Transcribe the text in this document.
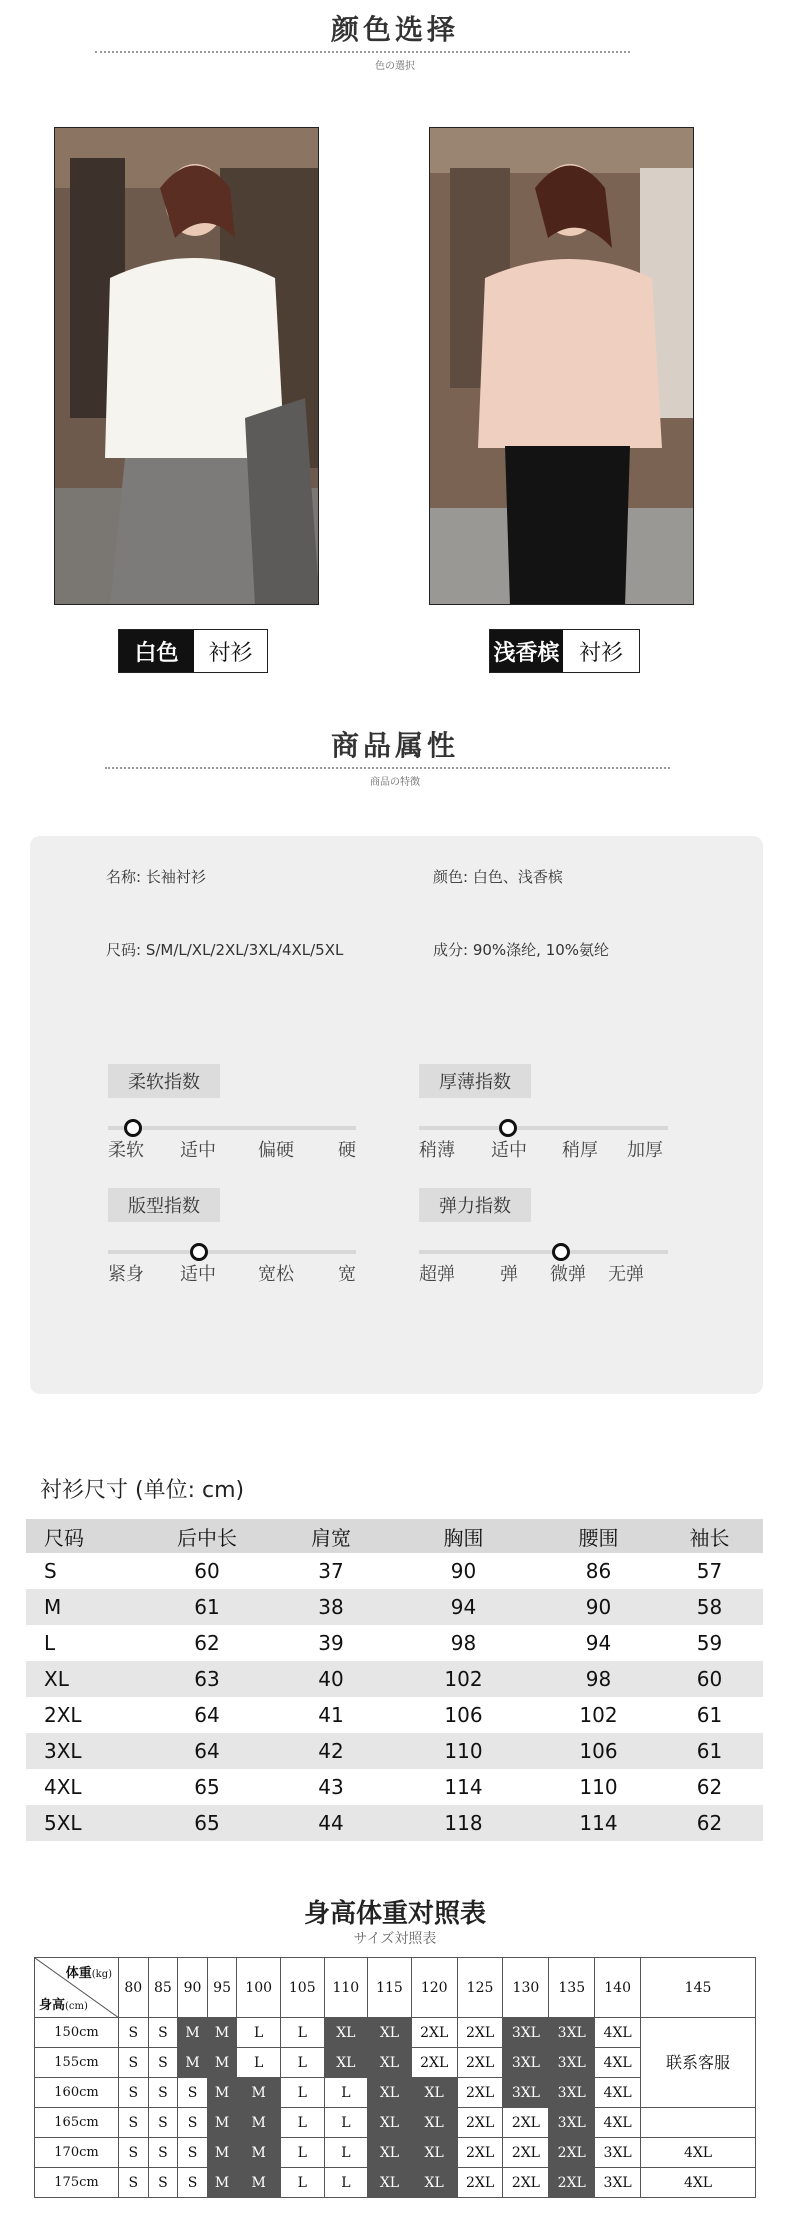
颜色选择
色の選択
白色	衬衫	浅香槟 衬衫
商品属性
商品の特徴
名称: 长袖衬衫	颜色: 白色、浅香槟
尺码: S/M/L/XL/2XL/3XL/4XL/5XL	成分: 90%涤纶, 10%氨纶
柔软指数
柔软 适中 偏硬 硬
厚薄指数
稍薄 适中 稍厚 加厚
版型指数
紧身 适中 宽松 宽
弹力指数
超弹	弹 微弹 无弹
衬衫尺寸 (单位: cm)
尺码	后中长	肩宽	胸围	腰围	袖长
S	60	37	90	86	57
M	61	38	94	90	58
L	62	39	98	94	59
XL	63	40	102	98	60
2XL	64	41	106	102	61
3XL	64	42	110	106	61
4XL	65	43	114	110	62
5XL	65	44	118	114	62
身高体重对照表
サイズ対照表
体重(kg)
身高(cm)	80	85	90	95	100	105	110	115	120	125	130	135	140	145
150cm	S	S	M	M	L	L	XL	XL	2XL	2XL	3XL	3XL	4XL	联系客服
155cm	S	S	M	M	L	L	XL	XL	2XL	2XL	3XL	3XL	4XL	
160cm	S	S	S	M	M	L	L	XL	XL	2XL	3XL	3XL	4XL	
165cm	S	S	S	M	M	L	L	XL	XL	2XL	2XL	3XL	4XL	
170cm	S	S	S	M	M	L	L	XL	XL	2XL	2XL	2XL	3XL	4XL
175cm	S	S	S	M	M	L	L	XL	XL	2XL	2XL	2XL	3XL	4XL
